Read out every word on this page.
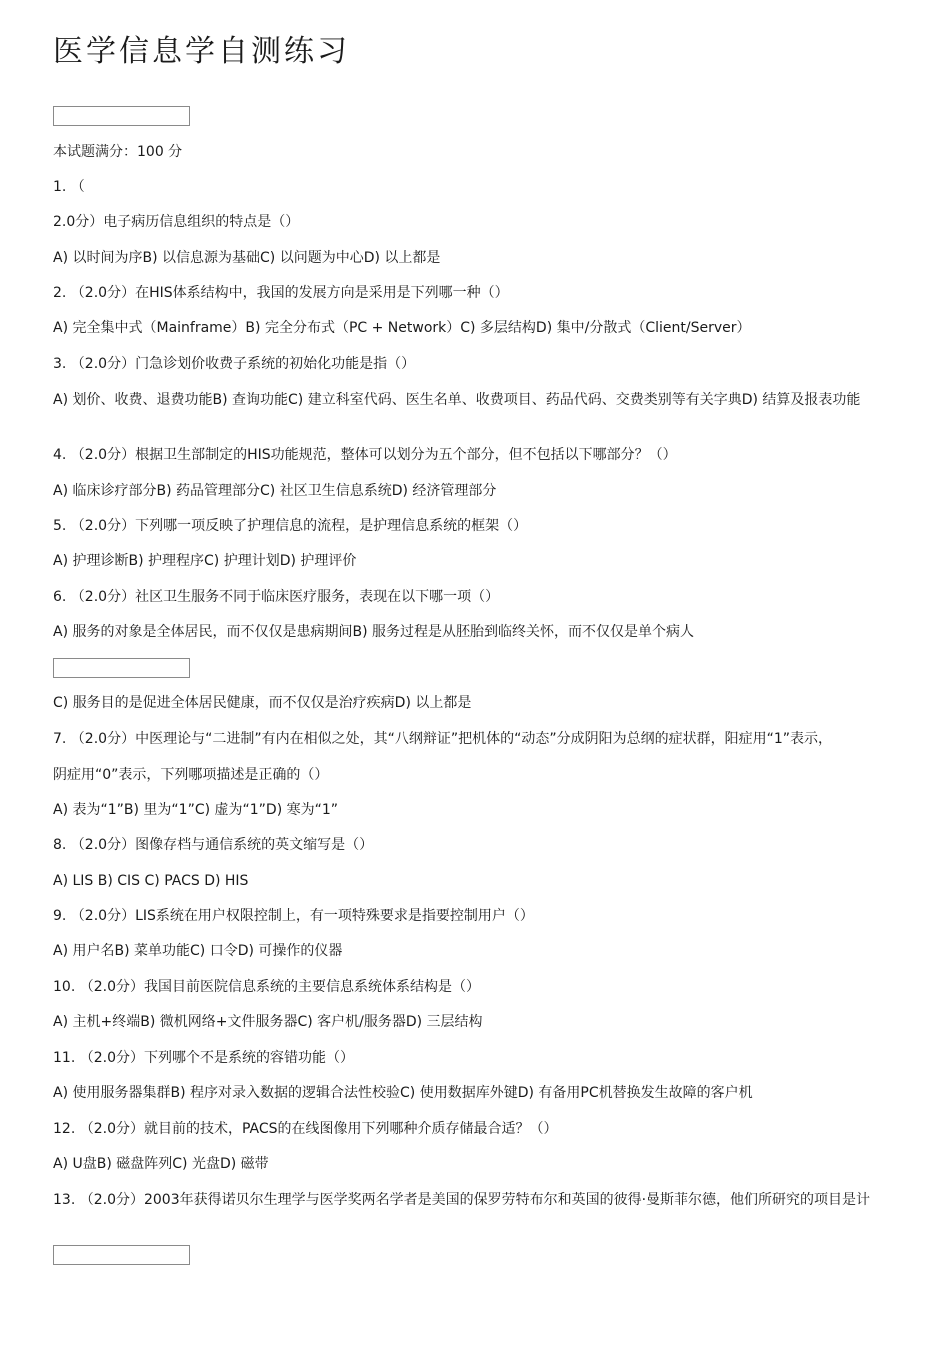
医学信息学自测练习
本试题满分：100 分
1. （
2.0分）电子病历信息组织的特点是（）
A) 以时间为序B) 以信息源为基础C) 以问题为中心D) 以上都是
2. （2.0分）在HIS体系结构中，我国的发展方向是采用是下列哪一种（）
A) 完全集中式（Mainframe）B) 完全分布式（PC + Network）C) 多层结构D) 集中/分散式（Client/Server）
3. （2.0分）门急诊划价收费子系统的初始化功能是指（）
A) 划价、收费、退费功能B) 查询功能C) 建立科室代码、医生名单、收费项目、药品代码、交费类别等有关字典D) 结算及报表功能
4. （2.0分）根据卫生部制定的HIS功能规范，整体可以划分为五个部分，但不包括以下哪部分？（）
A) 临床诊疗部分B) 药品管理部分C) 社区卫生信息系统D) 经济管理部分
5. （2.0分）下列哪一项反映了护理信息的流程，是护理信息系统的框架（）
A) 护理诊断B) 护理程序C) 护理计划D) 护理评价
6. （2.0分）社区卫生服务不同于临床医疗服务，表现在以下哪一项（）
A) 服务的对象是全体居民，而不仅仅是患病期间B) 服务过程是从胚胎到临终关怀，而不仅仅是单个病人
C) 服务目的是促进全体居民健康，而不仅仅是治疗疾病D) 以上都是
7. （2.0分）中医理论与“二进制”有内在相似之处，其“八纲辩证”把机体的“动态”分成阴阳为总纲的症状群，阳症用“1”表示，
阴症用“0”表示，下列哪项描述是正确的（）
A) 表为“1”B) 里为“1”C) 虚为“1”D) 寒为“1”
8. （2.0分）图像存档与通信系统的英文缩写是（）
A) LIS B) CIS C) PACS D) HIS
9. （2.0分）LIS系统在用户权限控制上，有一项特殊要求是指要控制用户（）
A) 用户名B) 菜单功能C) 口令D) 可操作的仪器
10. （2.0分）我国目前医院信息系统的主要信息系统体系结构是（）
A) 主机+终端B) 微机网络+文件服务器C) 客户机/服务器D) 三层结构
11. （2.0分）下列哪个不是系统的容错功能（）
A) 使用服务器集群B) 程序对录入数据的逻辑合法性校验C) 使用数据库外键D) 有备用PC机替换发生故障的客户机
12. （2.0分）就目前的技术，PACS的在线图像用下列哪种介质存储最合适？（）
A) U盘B) 磁盘阵列C) 光盘D) 磁带
13. （2.0分）2003年获得诺贝尔生理学与医学奖两名学者是美国的保罗劳特布尔和英国的彼得·曼斯菲尔德，他们所研究的项目是计
